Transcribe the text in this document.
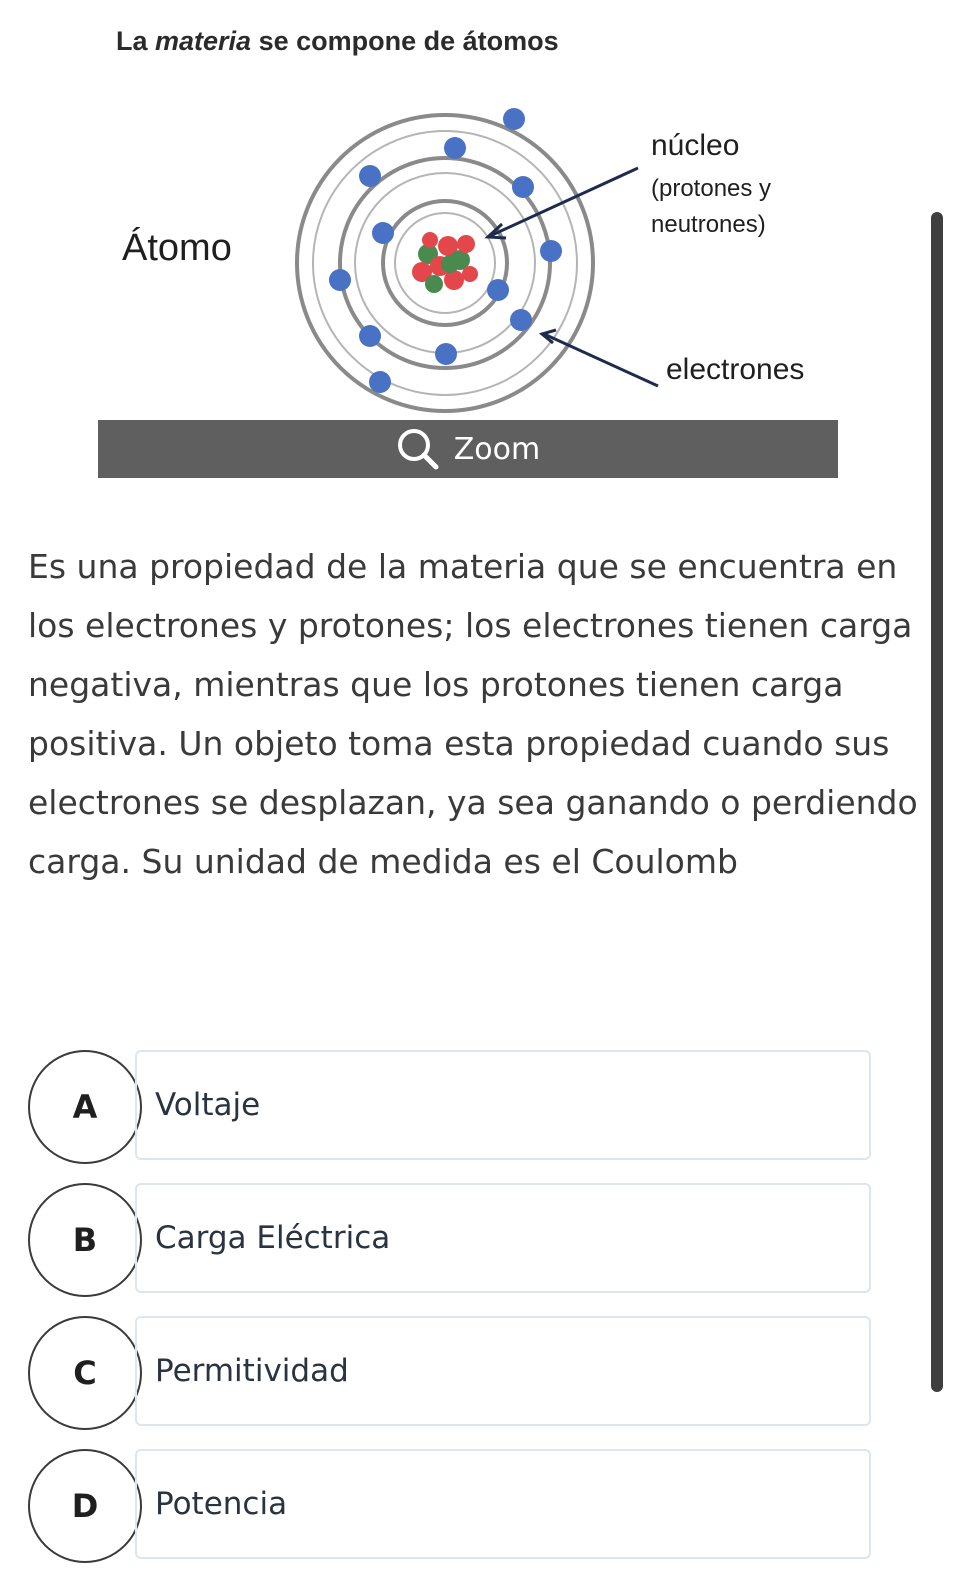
La materia se compone de átomos
Átomo
núcleo
(protones y
neutrones)
electrones
Zoom

Es una propiedad de la materia que se encuentra en los electrones y protones; los electrones tienen carga negativa, mientras que los protones tienen carga positiva. Un objeto toma esta propiedad cuando sus electrones se desplazan, ya sea ganando o perdiendo carga. Su unidad de medida es el Coulomb

A	Voltaje
B	Carga Eléctrica
C	Permitividad
D	Potencia
